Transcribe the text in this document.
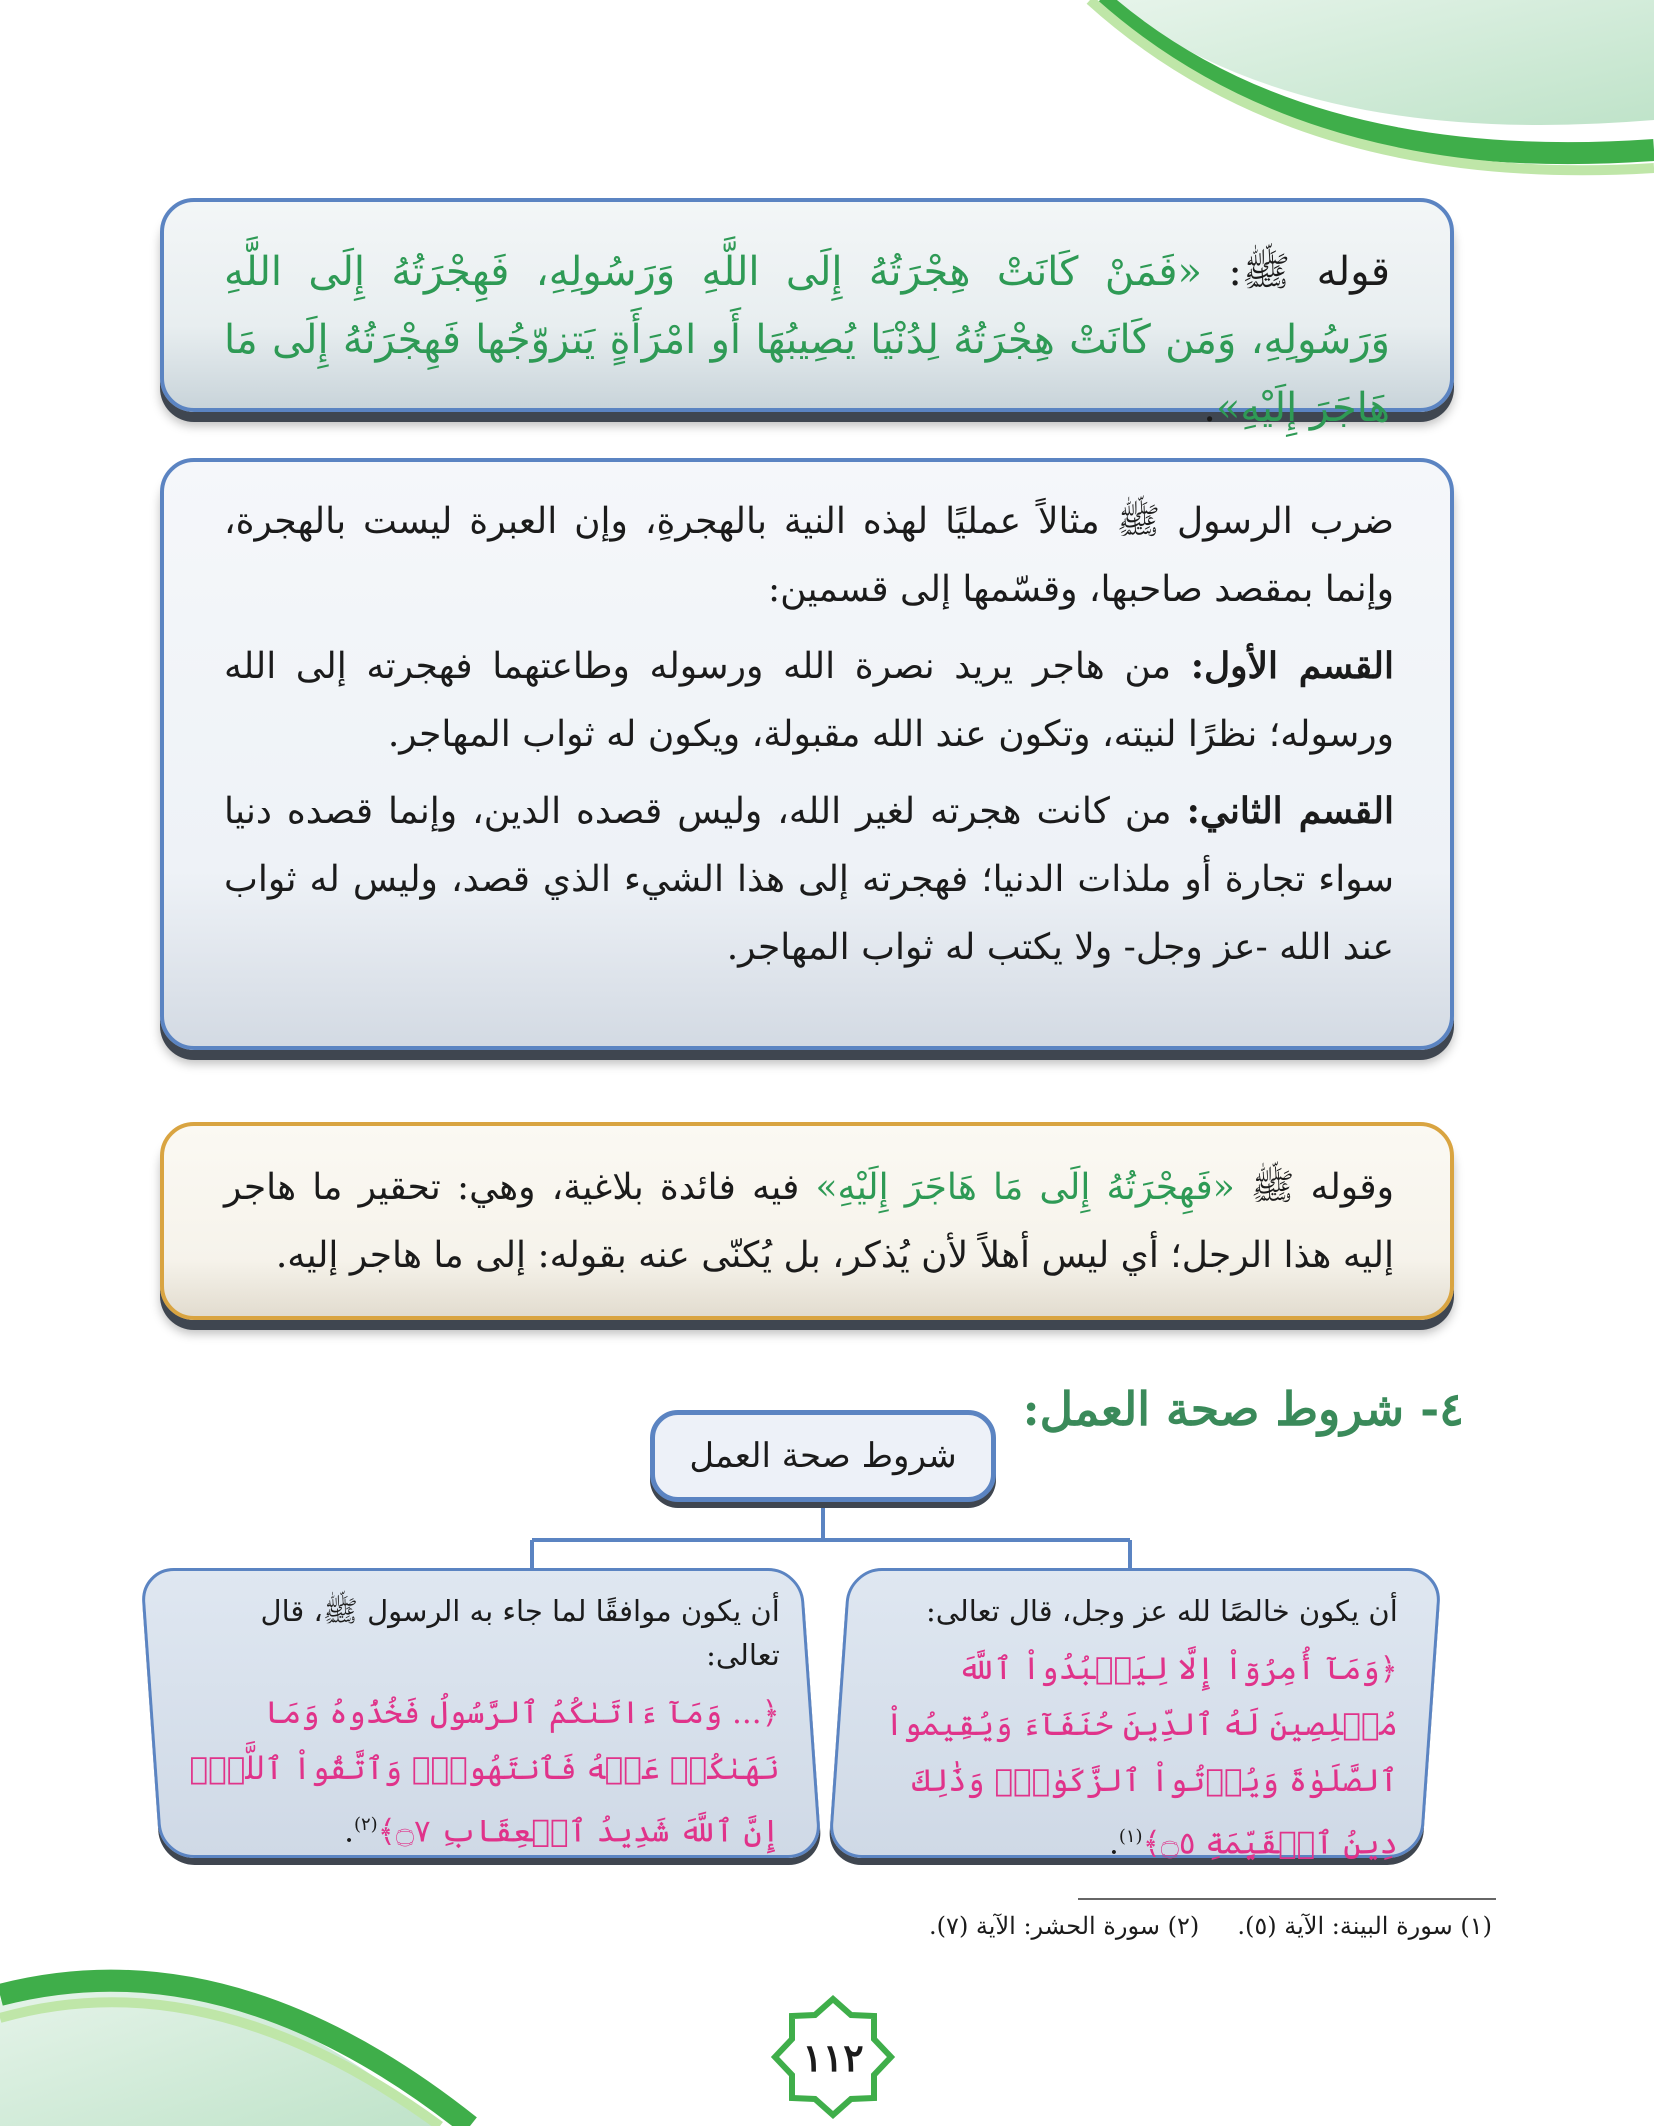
قوله ﷺ: «فَمَنْ كَانَتْ هِجْرَتُهُ إِلَى اللَّهِ وَرَسُولِهِ، فَهِجْرَتُهُ إِلَى اللَّهِ وَرَسُولِهِ، وَمَن كَانَتْ هِجْرَتُهُ لِدُنْيَا يُصِيبُهَا أَو امْرَأَةٍ يَتزوّجُها فَهِجْرَتُهُ إِلَى مَا هَاجَرَ إِلَيْهِ».

ضرب الرسول ﷺ مثالاً عمليًا لهذه النية بالهجرةِ، وإن العبرة ليست بالهجرة، وإنما بمقصد صاحبها، وقسّمها إلى قسمين:

القسم الأول: من هاجر يريد نصرة الله ورسوله وطاعتهما فهجرته إلى الله ورسوله؛ نظرًا لنيته، وتكون عند الله مقبولة، ويكون له ثواب المهاجر.

القسم الثاني: من كانت هجرته لغير الله، وليس قصده الدين، وإنما قصده دنيا سواء تجارة أو ملذات الدنيا؛ فهجرته إلى هذا الشيء الذي قصد، وليس له ثواب عند الله -عز وجل- ولا يكتب له ثواب المهاجر.

وقوله ﷺ «فَهِجْرَتُهُ إِلَى مَا هَاجَرَ إِلَيْهِ» فيه فائدة بلاغية، وهي: تحقير ما هاجر إليه هذا الرجل؛ أي ليس أهلاً لأن يُذكر، بل يُكنّى عنه بقوله: إلى ما هاجر إليه.

٤- شروط صحة العمل:
شروط صحة العمل
أن يكون خالصًا لله عز وجل، قال تعالى:
﴿وَمَآ أُمِرُوٓاْ إِلَّا لِيَعۡبُدُواْ ٱللَّهَ مُخۡلِصِينَ لَهُ ٱلدِّينَ حُنَفَآءَ وَيُقِيمُواْ ٱلصَّلَوٰةَ وَيُؤۡتُواْ ٱلزَّكَوٰةَۚ وَذَٰلِكَ دِينُ ٱلۡقَيِّمَةِ ۝٥﴾$^{(١)}$.
أن يكون موافقًا لما جاء به الرسول ﷺ، قال تعالى:
﴿... وَمَآ ءَاتَىٰكُمُ ٱلرَّسُولُ فَخُذُوهُ وَمَا نَهَىٰكُمۡ عَنۡهُ فَٱنتَهُواْۚ وَٱتَّقُواْ ٱللَّهَۖ إِنَّ ٱللَّهَ شَدِيدُ ٱلۡعِقَابِ ۝٧﴾$^{(٢)}$.
(١) سورة البينة: الآية (٥).     (٢) سورة الحشر: الآية (٧).
١١٢
